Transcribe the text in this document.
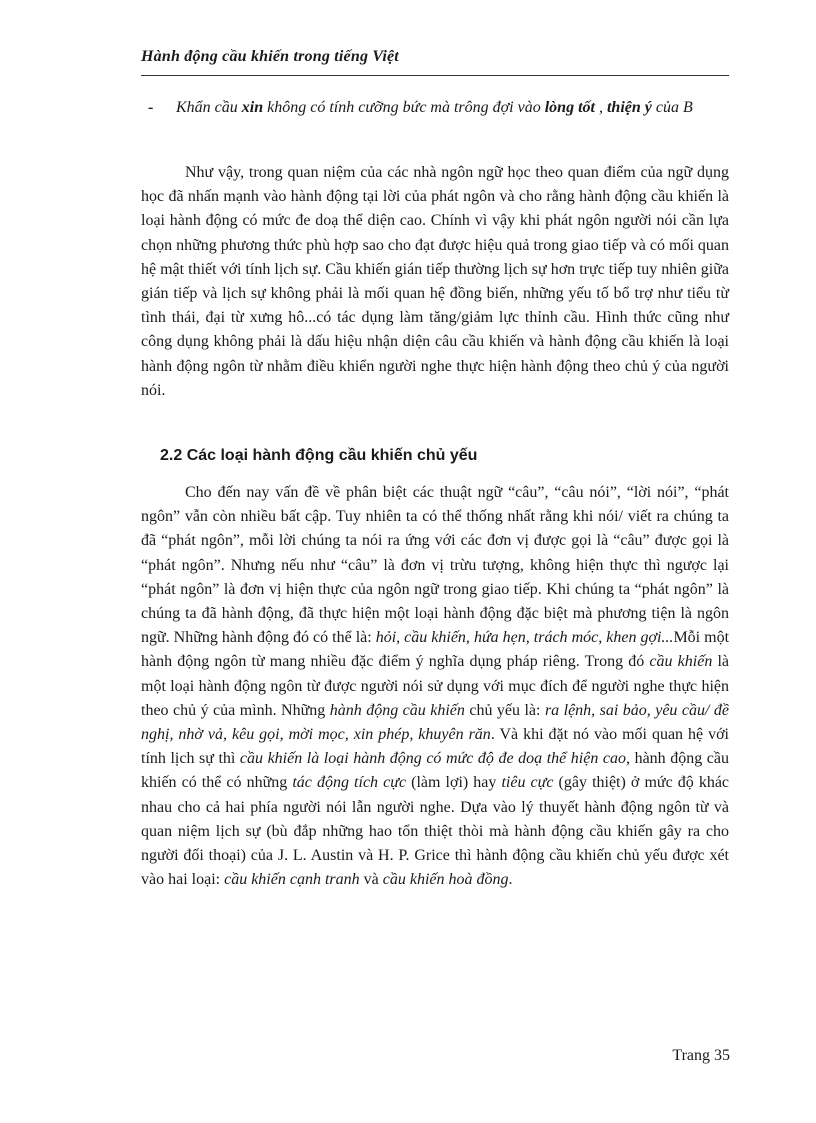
Hành động cầu khiến trong tiếng Việt
- Khẩn cầu xin không có tính cưỡng bức mà trông đợi vào lòng tốt , thiện ý của B

Như vậy, trong quan niệm của các nhà ngôn ngữ học theo quan điểm của ngữ dụng học đã nhấn mạnh vào hành động tại lời của phát ngôn và cho rằng hành động cầu khiến là loại hành động có mức đe doạ thể diện cao. Chính vì vậy khi phát ngôn người nói cần lựa chọn những phương thức phù hợp sao cho đạt được hiệu quả trong giao tiếp và có mối quan hệ mật thiết với tính lịch sự. Cầu khiến gián tiếp thường lịch sự hơn trực tiếp tuy nhiên giữa gián tiếp và lịch sự không phải là mối quan hệ đồng biến, những yếu tố bổ trợ như tiểu từ tình thái, đại từ xưng hô...có tác dụng làm tăng/giảm lực thỉnh cầu. Hình thức cũng như công dụng không phải là dấu hiệu nhận diện câu cầu khiến và hành động cầu khiến là loại hành động ngôn từ nhằm điều khiển người nghe thực hiện hành động theo chủ ý của người nói.

2.2 Các loại hành động cầu khiến chủ yếu

Cho đến nay vấn đề về phân biệt các thuật ngữ “câu”, “câu nói”, “lời nói”, “phát ngôn” vẫn còn nhiều bất cập. Tuy nhiên ta có thể thống nhất rằng khi nói/ viết ra chúng ta đã “phát ngôn”, mỗi lời chúng ta nói ra ứng với các đơn vị được gọi là “câu” được gọi là “phát ngôn”. Nhưng nếu như “câu” là đơn vị trừu tượng, không hiện thực thì ngược lại “phát ngôn” là đơn vị hiện thực của ngôn ngữ trong giao tiếp. Khi chúng ta “phát ngôn” là chúng ta đã hành động, đã thực hiện một loại hành động đặc biệt mà phương tiện là ngôn ngữ. Những hành động đó có thể là: hỏi, cầu khiến, hứa hẹn, trách móc, khen gợi...Mỗi một hành động ngôn từ mang nhiều đặc điểm ý nghĩa dụng pháp riêng. Trong đó cầu khiến là một loại hành động ngôn từ được người nói sử dụng với mục đích để người nghe thực hiện theo chủ ý của mình. Những hành động cầu khiến chủ yếu là: ra lệnh, sai bảo, yêu cầu/ đề nghị, nhờ vả, kêu gọi, mời mọc, xin phép, khuyên răn. Và khi đặt nó vào mối quan hệ với tính lịch sự thì cầu khiến là loại hành động có mức độ đe doạ thể hiện cao, hành động cầu khiến có thể có những tác động tích cực (làm lợi) hay tiêu cực (gây thiệt) ở mức độ khác nhau cho cả hai phía người nói lẫn người nghe. Dựa vào lý thuyết hành động ngôn từ và quan niệm lịch sự (bù đắp những hao tổn thiệt thòi mà hành động cầu khiến gây ra cho người đối thoại) của J. L. Austin và H. P. Grice thì hành động cầu khiến chủ yếu được xét vào hai loại: cầu khiến cạnh tranh và cầu khiến hoà đồng.

Trang 35
